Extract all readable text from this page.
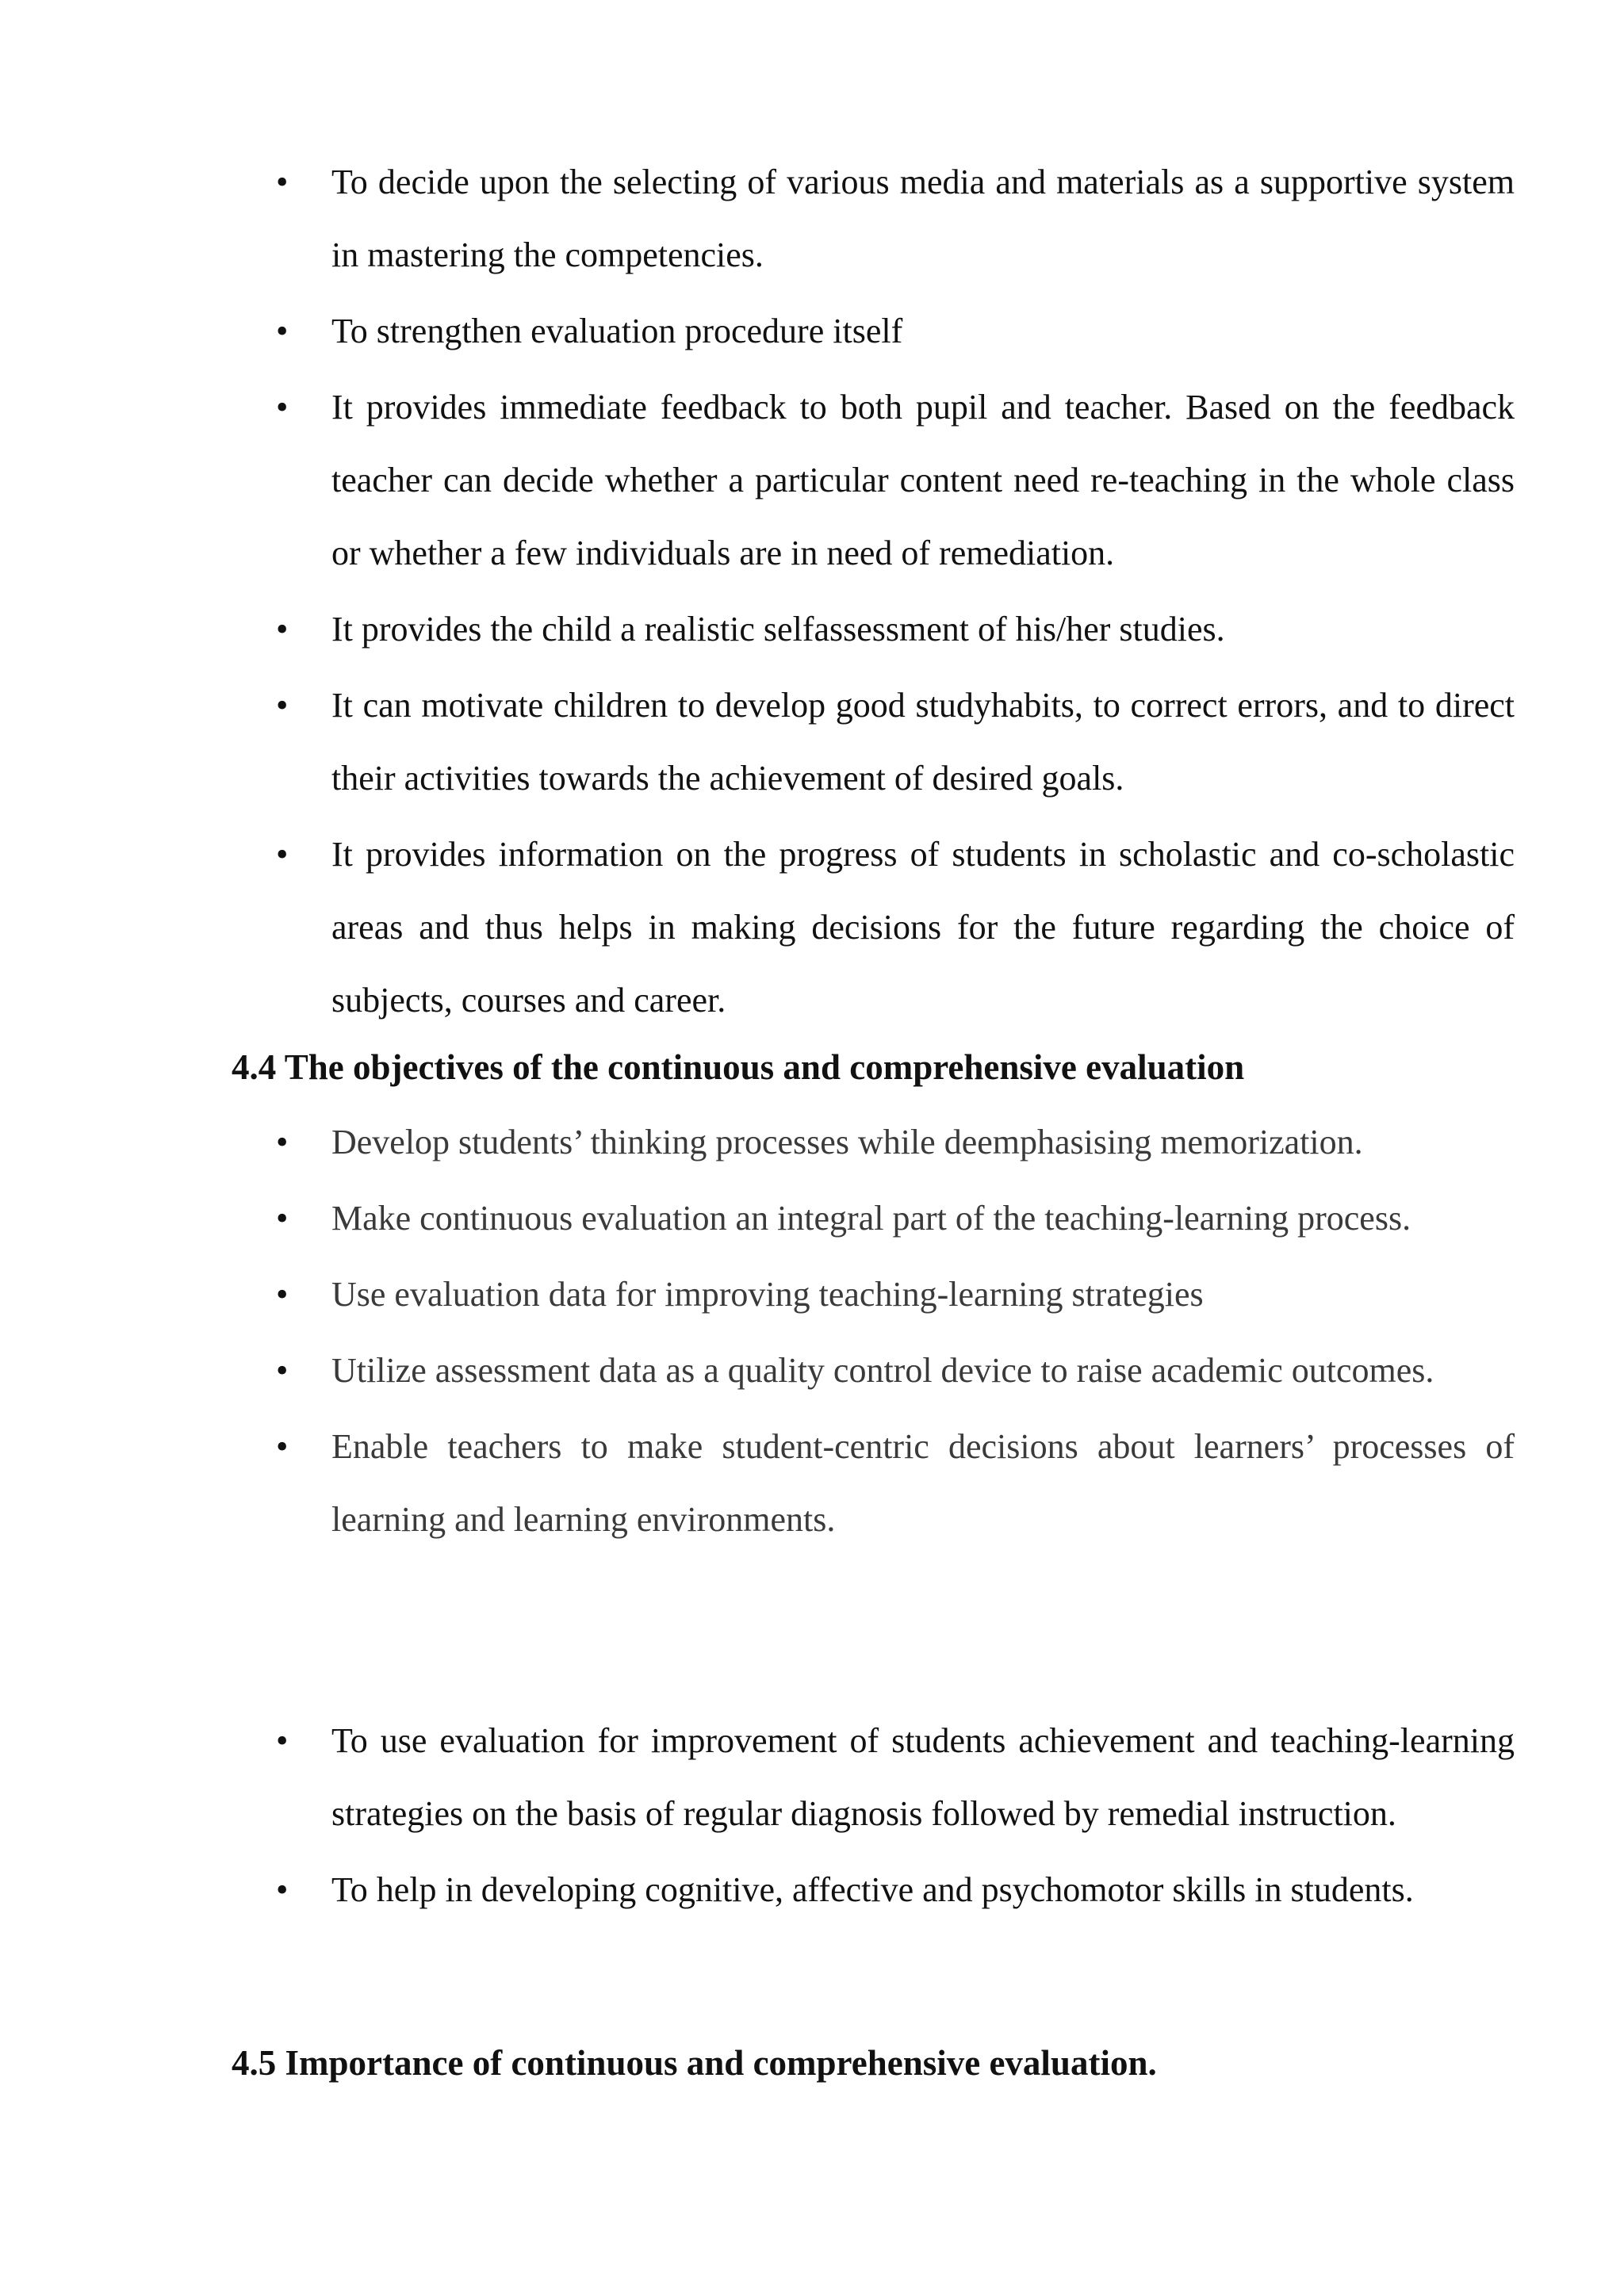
• To decide upon the selecting of various media and materials as a supportive system in mastering the competencies.
• To strengthen evaluation procedure itself
• It provides immediate feedback to both pupil and teacher. Based on the feedback teacher can decide whether a particular content need re-teaching in the whole class or whether a few individuals are in need of remediation.
• It provides the child a realistic selfassessment of his/her studies.
• It can motivate children to develop good studyhabits, to correct errors, and to direct their activities towards the achievement of desired goals.
• It provides information on the progress of students in scholastic and co-scholastic areas and thus helps in making decisions for the future regarding the choice of subjects, courses and career.
4.4 The objectives of the continuous and comprehensive evaluation
• Develop students’ thinking processes while deemphasising memorization.
• Make continuous evaluation an integral part of the teaching-learning process.
• Use evaluation data for improving teaching-learning strategies
• Utilize assessment data as a quality control device to raise academic outcomes.
• Enable teachers to make student-centric decisions about learners’ processes of learning and learning environments.
• To use evaluation for improvement of students achievement and teaching-learning strategies on the basis of regular diagnosis followed by remedial instruction.
• To help in developing cognitive, affective and psychomotor skills in students.
4.5 Importance of continuous and comprehensive evaluation.
